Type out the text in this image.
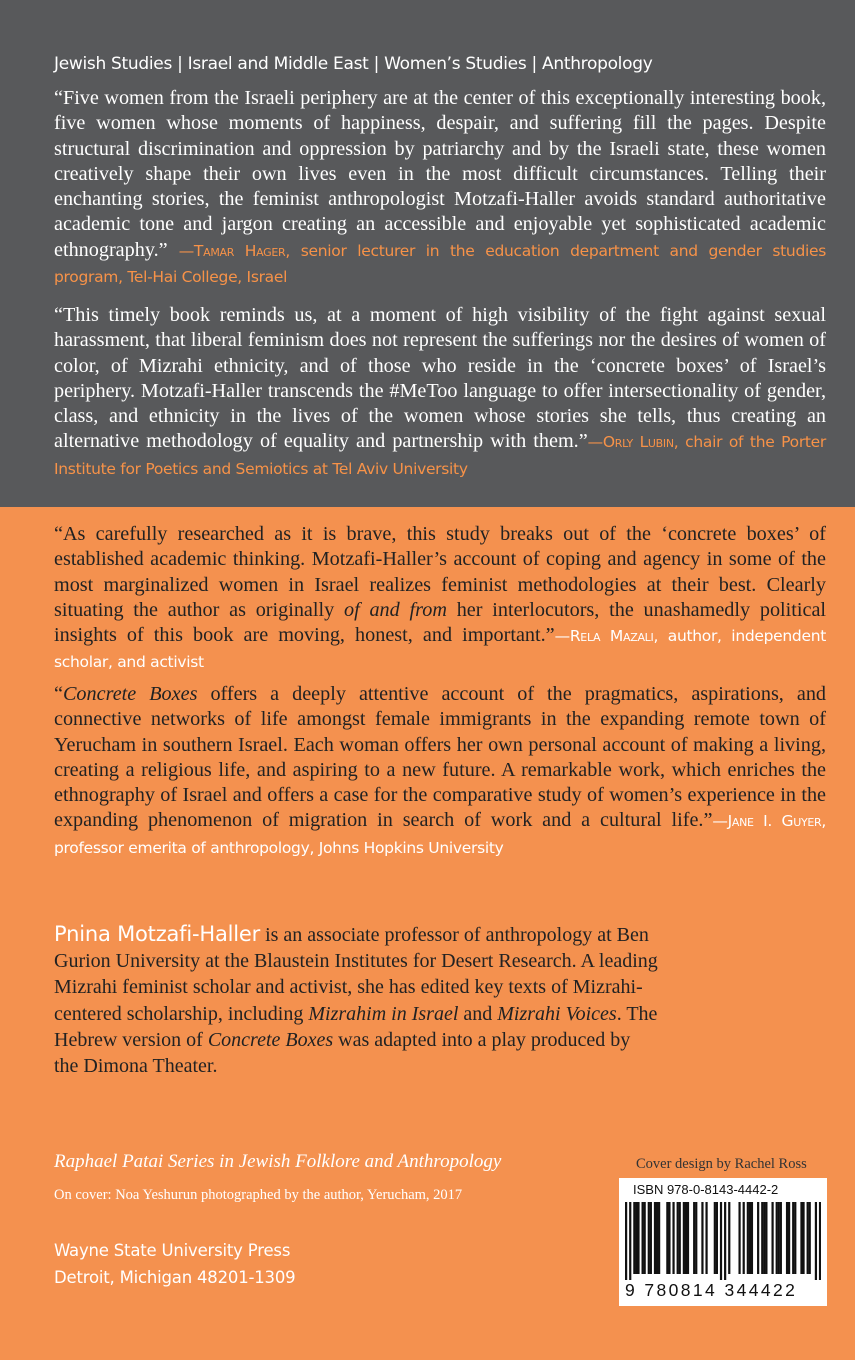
Jewish Studies | Israel and Middle East | Women’s Studies | Anthropology

“Five women from the Israeli periphery are at the center of this exceptionally interesting book, five women whose moments of happiness, despair, and suffering fill the pages. Despite structural discrimination and oppression by patriarchy and by the Israeli state, these women creatively shape their own lives even in the most difficult circumstances. Telling their enchanting stories, the feminist anthropologist Motzafi-Haller avoids standard authoritative academic tone and jargon creating an accessible and enjoyable yet sophisticated academic ethnography.” —Tamar Hager, senior lecturer in the education department and gender studies program, Tel-Hai College, Israel

“This timely book reminds us, at a moment of high visibility of the fight against sexual harassment, that liberal feminism does not represent the sufferings nor the desires of women of color, of Mizrahi ethnicity, and of those who reside in the ‘concrete boxes’ of Israel’s periphery. Motzafi-Haller transcends the #MeToo language to offer intersectionality of gender, class, and ethnicity in the lives of the women whose stories she tells, thus creating an alternative methodology of equality and partnership with them.”—Orly Lubin, chair of the Porter Institute for Poetics and Semiotics at Tel Aviv University

“As carefully researched as it is brave, this study breaks out of the ‘concrete boxes’ of established academic thinking. Motzafi-Haller’s account of coping and agency in some of the most marginalized women in Israel realizes feminist methodologies at their best. Clearly situating the author as originally of and from her interlocutors, the unashamedly political insights of this book are moving, honest, and important.”—Rela Mazali, author, independent scholar, and activist

“Concrete Boxes offers a deeply attentive account of the pragmatics, aspirations, and connective networks of life amongst female immigrants in the expanding remote town of Yerucham in southern Israel. Each woman offers her own personal account of making a living, creating a religious life, and aspiring to a new future. A remarkable work, which enriches the ethnography of Israel and offers a case for the comparative study of women’s experience in the expanding phenomenon of migration in search of work and a cultural life.”—Jane I. Guyer, professor emerita of anthropology, Johns Hopkins University

Pnina Motzafi-Haller is an associate professor of anthropology at Ben Gurion University at the Blaustein Institutes for Desert Research. A leading Mizrahi feminist scholar and activist, she has edited key texts of Mizrahi-centered scholarship, including Mizrahim in Israel and Mizrahi Voices. The Hebrew version of Concrete Boxes was adapted into a play produced by the Dimona Theater.

Raphael Patai Series in Jewish Folklore and Anthropology
On cover: Noa Yeshurun photographed by the author, Yerucham, 2017
Wayne State University Press
Detroit, Michigan 48201-1309
Cover design by Rachel Ross
ISBN 978-0-8143-4442-2
9 780814 344422
